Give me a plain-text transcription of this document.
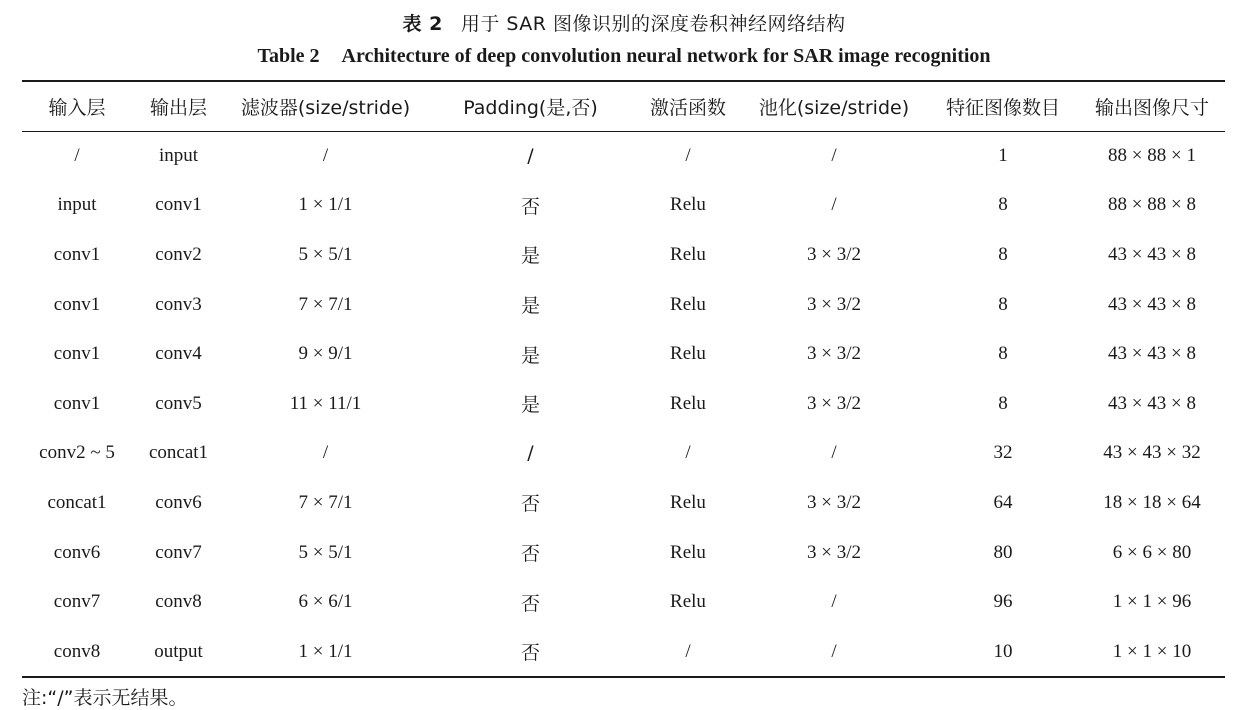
表 2 用于 SAR 图像识别的深度卷积神经网络结构
Table 2 Architecture of deep convolution neural network for SAR image recognition
输入层	输出层	滤波器(size/stride)	Padding(是,否)	激活函数	池化(size/stride)	特征图像数目	输出图像尺寸
/	input	/	/	/	/	1	88 × 88 × 1
input	conv1	1 × 1/1	否	Relu	/	8	88 × 88 × 8
conv1	conv2	5 × 5/1	是	Relu	3 × 3/2	8	43 × 43 × 8
conv1	conv3	7 × 7/1	是	Relu	3 × 3/2	8	43 × 43 × 8
conv1	conv4	9 × 9/1	是	Relu	3 × 3/2	8	43 × 43 × 8
conv1	conv5	11 × 11/1	是	Relu	3 × 3/2	8	43 × 43 × 8
conv2 ~ 5	concat1	/	/	/	/	32	43 × 43 × 32
concat1	conv6	7 × 7/1	否	Relu	3 × 3/2	64	18 × 18 × 64
conv6	conv7	5 × 5/1	否	Relu	3 × 3/2	80	6 × 6 × 80
conv7	conv8	6 × 6/1	否	Relu	/	96	1 × 1 × 96
conv8	output	1 × 1/1	否	/	/	10	1 × 1 × 10
注:“/”表示无结果。
